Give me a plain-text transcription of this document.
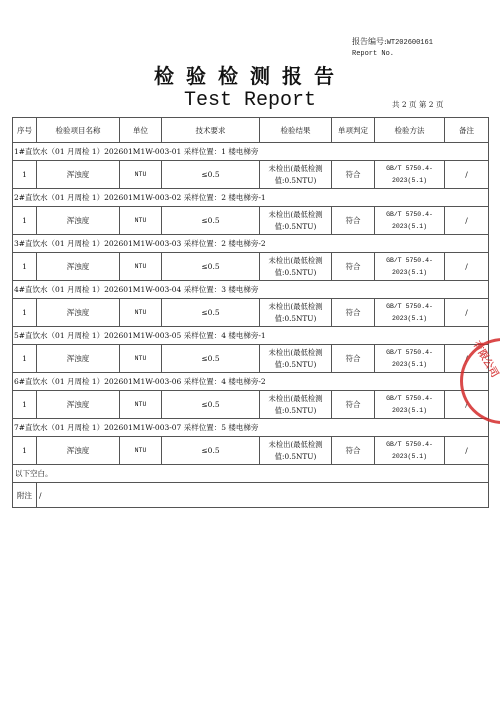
报告编号:WT202600161
Report No.
检验检测报告
Test Report	共 2 页 第 2 页
序号	检验项目名称	单位	技术要求	检验结果	单项判定	检验方法	备注
1#直饮水（01 月周检 1）202601M1W-003-01 采样位置：1 楼电梯旁							
1	浑浊度	NTU	≤0.5	未检出(最低检测值:0.5NTU)	符合	GB/T 5750.4-2023(5.1)	/
2#直饮水（01 月周检 1）202601M1W-003-02 采样位置：2 楼电梯旁-1							
1	浑浊度	NTU	≤0.5	未检出(最低检测值:0.5NTU)	符合	GB/T 5750.4-2023(5.1)	/
3#直饮水（01 月周检 1）202601M1W-003-03 采样位置：2 楼电梯旁-2							
1	浑浊度	NTU	≤0.5	未检出(最低检测值:0.5NTU)	符合	GB/T 5750.4-2023(5.1)	/
4#直饮水（01 月周检 1）202601M1W-003-04 采样位置：3 楼电梯旁							
1	浑浊度	NTU	≤0.5	未检出(最低检测值:0.5NTU)	符合	GB/T 5750.4-2023(5.1)	/
5#直饮水（01 月周检 1）202601M1W-003-05 采样位置：4 楼电梯旁-1							
1	浑浊度	NTU	≤0.5	未检出(最低检测值:0.5NTU)	符合	GB/T 5750.4-2023(5.1)	/
6#直饮水（01 月周检 1）202601M1W-003-06 采样位置：4 楼电梯旁-2							
1	浑浊度	NTU	≤0.5	未检出(最低检测值:0.5NTU)	符合	GB/T 5750.4-2023(5.1)	/
7#直饮水（01 月周检 1）202601M1W-003-07 采样位置：5 楼电梯旁							
1	浑浊度	NTU	≤0.5	未检出(最低检测值:0.5NTU)	符合	GB/T 5750.4-2023(5.1)	/
以下空白。							
附注	/						
有限公司
